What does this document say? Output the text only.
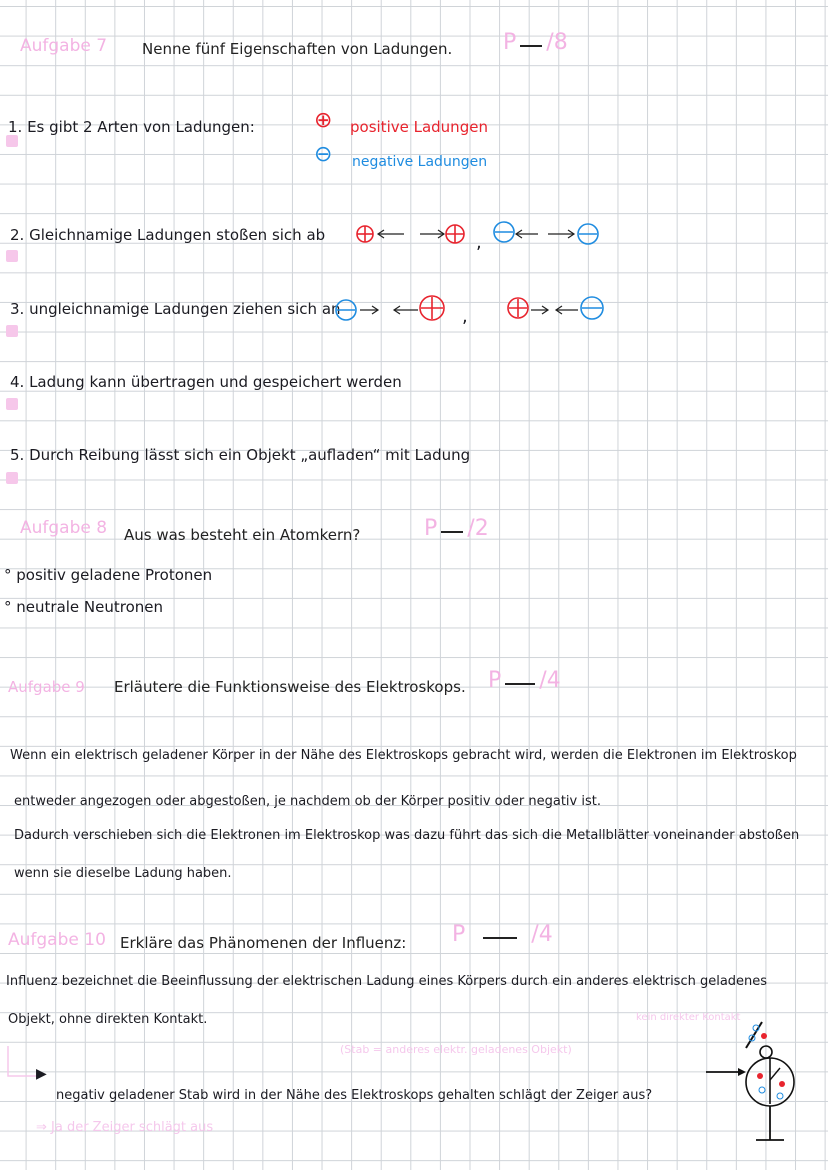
Aufgabe 7 Nenne fünf Eigenschaften von Ladungen. P /8
1. Es gibt 2 Arten von Ladungen:	⊕ positive Ladungen
⊖ negative Ladungen
2. Gleichnamige Ladungen stoßen sich ab	,
3. ungleichnamige Ladungen ziehen sich an	,
4. Ladung kann übertragen und gespeichert werden
5. Durch Reibung lässt sich ein Objekt „aufladen“ mit Ladung
Aufgabe 8 Aus was besteht ein Atomkern?	P /2
° positiv geladene Protonen
° neutrale Neutronen
Aufgabe 9 Erläutere die Funktionsweise des Elektroskops. P /4
Wenn ein elektrisch geladener Körper in der Nähe des Elektroskops gebracht wird, werden die Elektronen im Elektroskop
entweder angezogen oder abgestoßen, je nachdem ob der Körper positiv oder negativ ist.
Dadurch verschieben sich die Elektronen im Elektroskop was dazu führt das sich die Metallblätter voneinander abstoßen
wenn sie dieselbe Ladung haben.
Aufgabe 10 Erkläre das Phänomenen der Influenz: P	/4
Influenz bezeichnet die Beeinflussung der elektrischen Ladung eines Körpers durch ein anderes elektrisch geladenes
Objekt, ohne direkten Kontakt.
(Stab = anderes elektr. geladenes Objekt)
kein direkter Kontakt
▶
negativ geladener Stab wird in der Nähe des Elektroskops gehalten schlägt der Zeiger aus?
⇒ Ja der Zeiger schlägt aus
